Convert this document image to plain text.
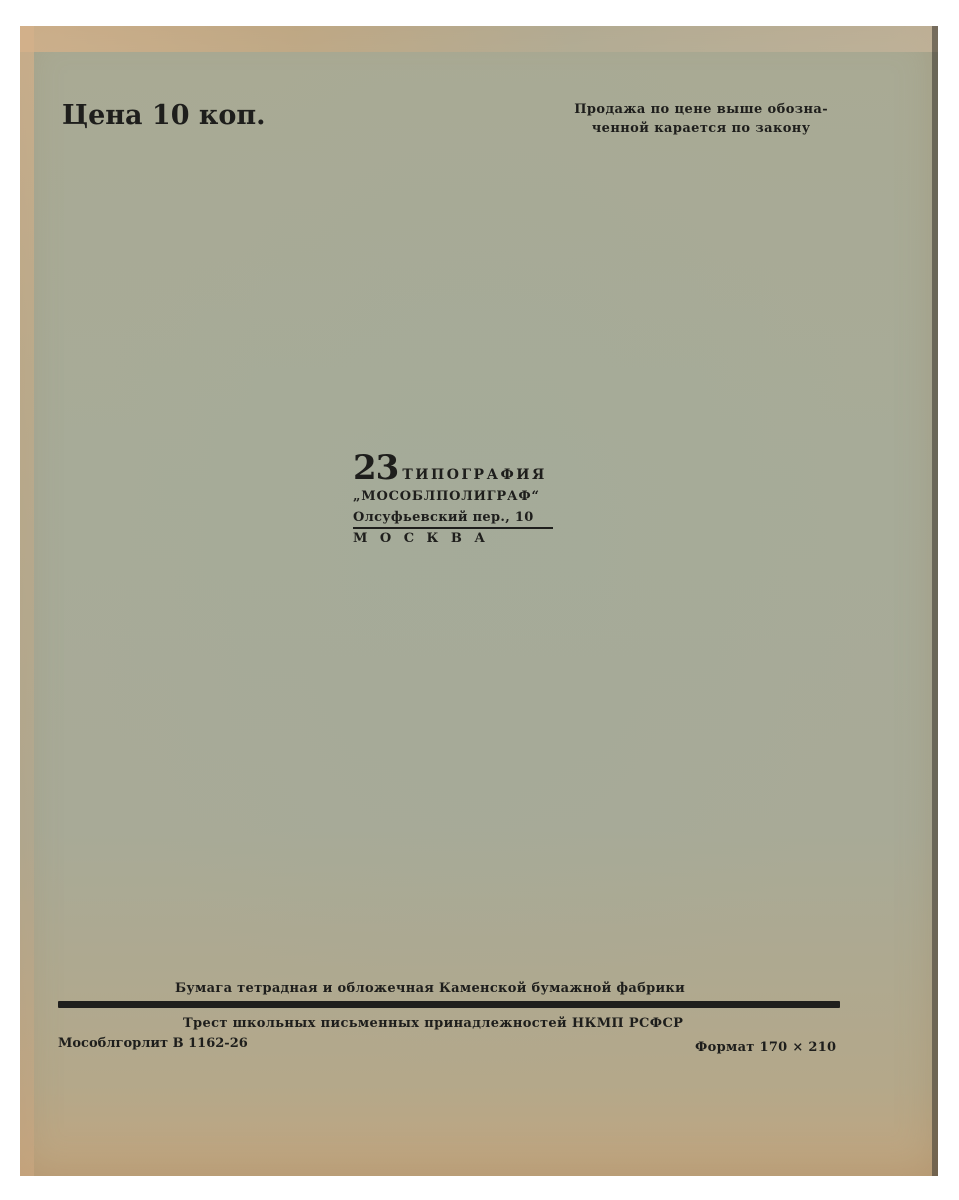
Цена 10 коп.	Продажа по цене выше обозна-
ченной карается по закону
23 ТИПОГРАФИЯ
„МОСОБЛПОЛИГРАФ“
Олсуфьевский пер., 10
МОСКВА
Бумага тетрадная и обложечная Каменской бумажной фабрики
Трест школьных письменных принадлежностей НКМП РСФСР
Мособлгорлит В 1162-26	Формат 170 × 210
